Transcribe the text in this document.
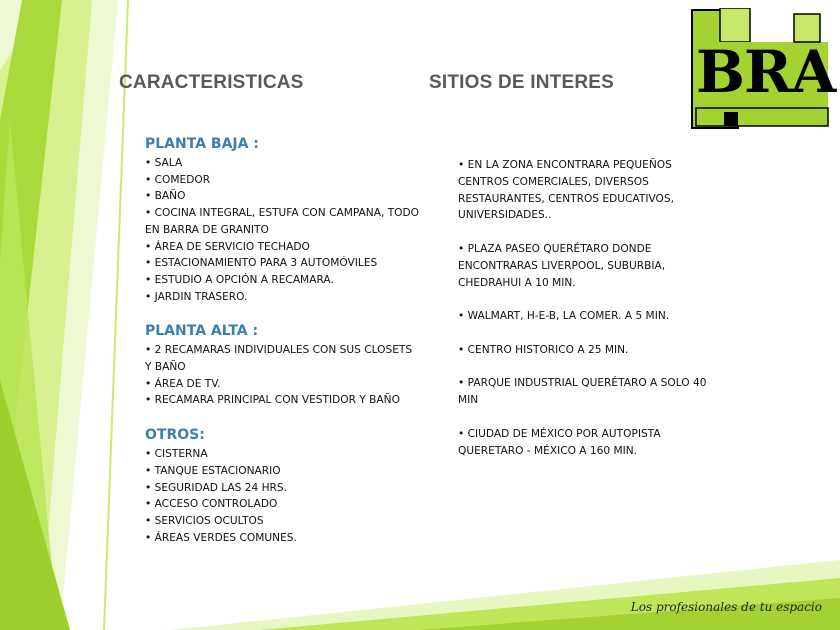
BRA
CARACTERISTICAS	SITIOS DE INTERES
PLANTA BAJA :
• SALA
• COMEDOR
• BAÑO
• COCINA INTEGRAL, ESTUFA CON CAMPANA, TODO EN BARRA DE GRANITO
• ÁREA DE SERVICIO TECHADO
• ESTACIONAMIENTO PARA 3 AUTOMÓVILES
• ESTUDIO A OPCIÓN A RECAMARA.
• JARDIN TRASERO.
PLANTA ALTA :
• 2 RECAMARAS INDIVIDUALES CON SUS CLOSETS Y BAÑO
• ÁREA DE TV.
• RECAMARA PRINCIPAL CON VESTIDOR Y BAÑO
OTROS:
• CISTERNA
• TANQUE ESTACIONARIO
• SEGURIDAD LAS 24 HRS.
• ACCESO CONTROLADO
• SERVICIOS OCULTOS
• ÁREAS VERDES COMUNES.
• EN LA ZONA ENCONTRARA PEQUEÑOS CENTROS COMERCIALES, DIVERSOS RESTAURANTES, CENTROS EDUCATIVOS, UNIVERSIDADES..
• PLAZA PASEO QUERÉTARO DONDE ENCONTRARAS LIVERPOOL, SUBURBIA, CHEDRAHUI A 10 MIN.
• WALMART, H-E-B, LA COMER. A 5 MIN.
• CENTRO HISTORICO A 25 MIN.
• PARQUE INDUSTRIAL QUERÉTARO A SOLO 40 MIN
• CIUDAD DE MÉXICO POR AUTOPISTA QUERETARO - MÉXICO A 160 MIN.
Los profesionales de tu espacio
